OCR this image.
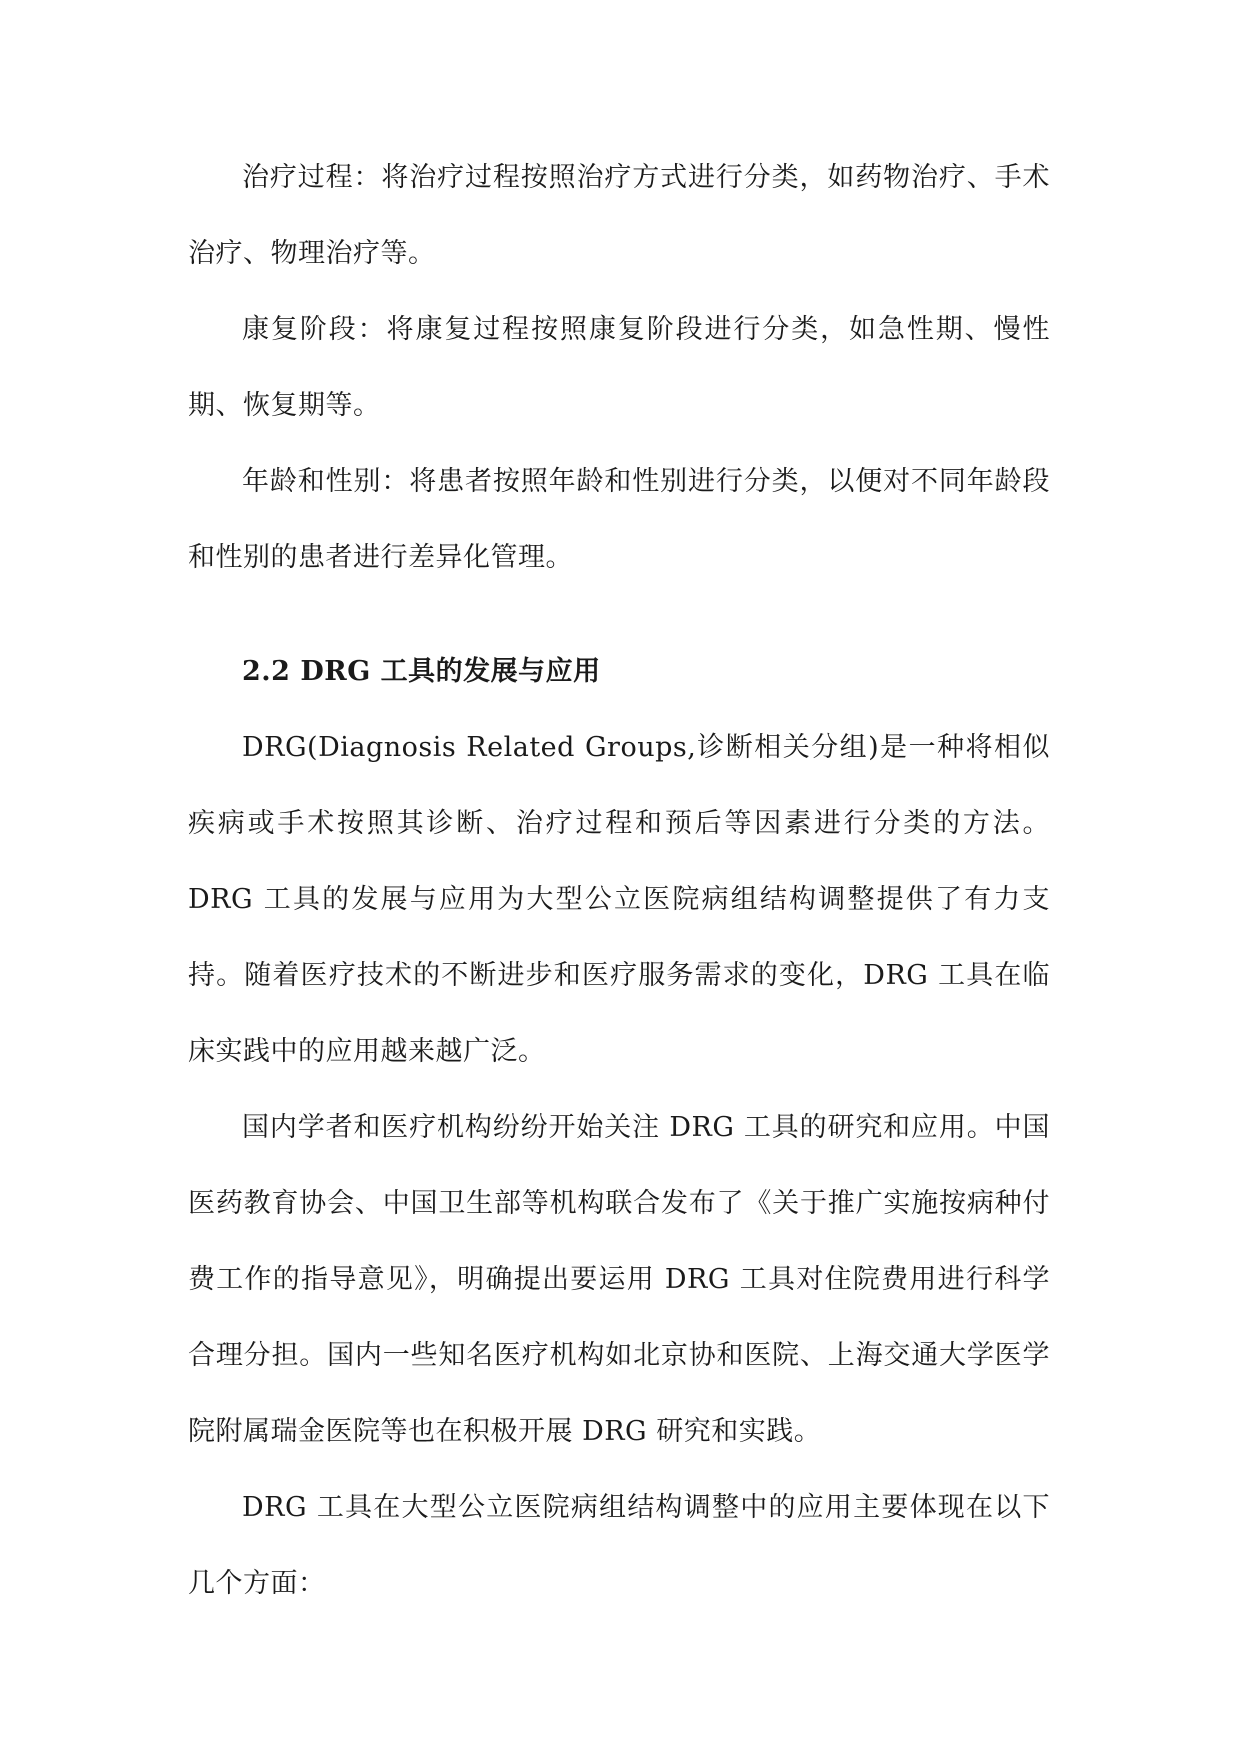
治疗过程：将治疗过程按照治疗方式进行分类，如药物治疗、手术治疗、物理治疗等。

康复阶段：将康复过程按照康复阶段进行分类，如急性期、慢性期、恢复期等。

年龄和性别：将患者按照年龄和性别进行分类，以便对不同年龄段和性别的患者进行差异化管理。

2.2 DRG 工具的发展与应用

DRG(Diagnosis Related Groups,诊断相关分组)是一种将相似疾病或手术按照其诊断、治疗过程和预后等因素进行分类的方法。DRG 工具的发展与应用为大型公立医院病组结构调整提供了有力支持。随着医疗技术的不断进步和医疗服务需求的变化，DRG 工具在临床实践中的应用越来越广泛。

国内学者和医疗机构纷纷开始关注 DRG 工具的研究和应用。中国医药教育协会、中国卫生部等机构联合发布了《关于推广实施按病种付费工作的指导意见》，明确提出要运用 DRG 工具对住院费用进行科学合理分担。国内一些知名医疗机构如北京协和医院、上海交通大学医学院附属瑞金医院等也在积极开展 DRG 研究和实践。

DRG 工具在大型公立医院病组结构调整中的应用主要体现在以下几个方面：
